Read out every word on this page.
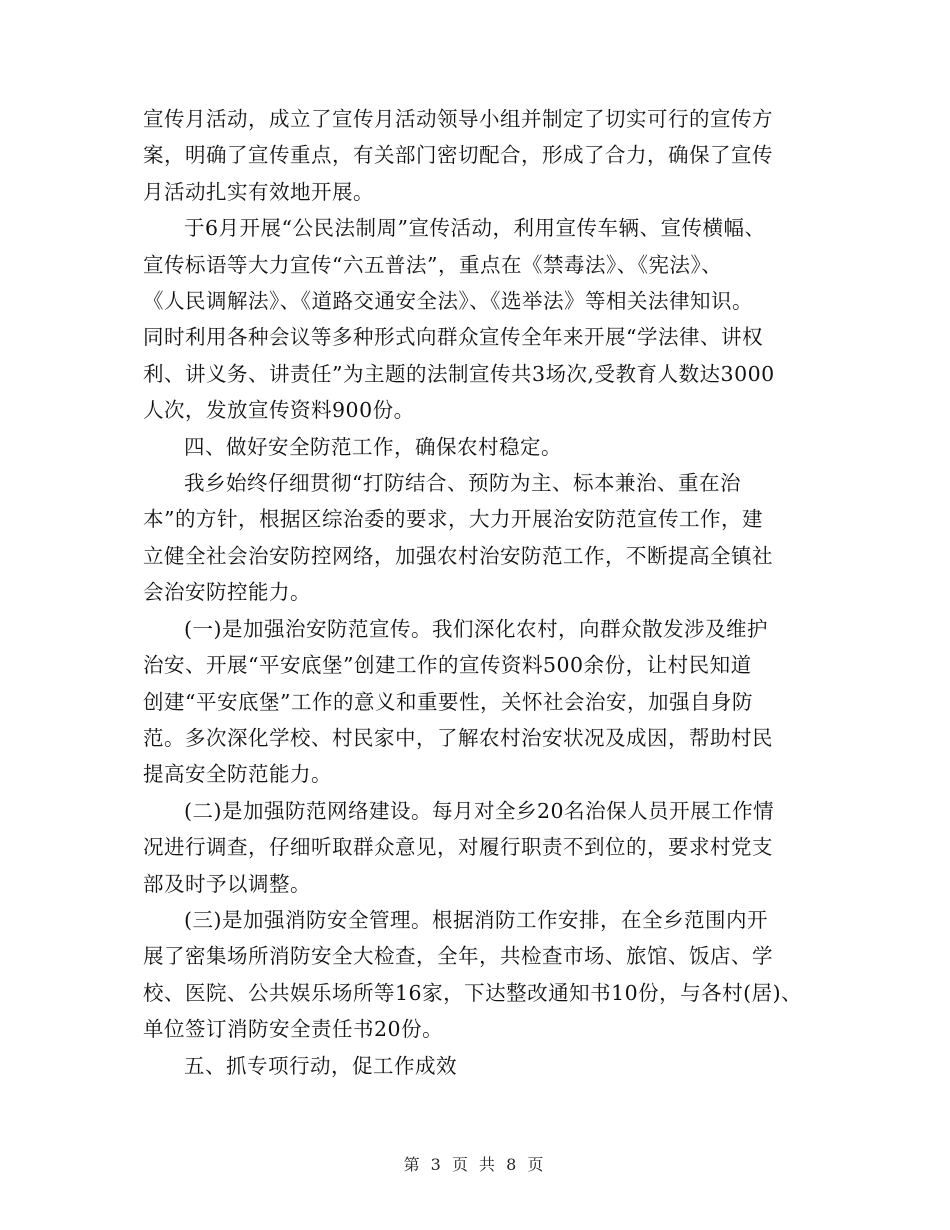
宣传月活动，成立了宣传月活动领导小组并制定了切实可行的宣传方
案，明确了宣传重点，有关部门密切配合，形成了合力，确保了宣传
月活动扎实有效地开展。

于6月开展“公民法制周”宣传活动，利用宣传车辆、宣传横幅、
宣传标语等大力宣传“六五普法”，重点在《禁毒法》、《宪法》、
《人民调解法》、《道路交通安全法》、《选举法》等相关法律知识。
同时利用各种会议等多种形式向群众宣传全年来开展“学法律、讲权
利、讲义务、讲责任”为主题的法制宣传共3场次,受教育人数达3000
人次，发放宣传资料900份。

四、做好安全防范工作，确保农村稳定。

我乡始终仔细贯彻“打防结合、预防为主、标本兼治、重在治
本”的方针，根据区综治委的要求，大力开展治安防范宣传工作，建
立健全社会治安防控网络，加强农村治安防范工作，不断提高全镇社
会治安防控能力。

(一)是加强治安防范宣传。我们深化农村，向群众散发涉及维护
治安、开展“平安底堡”创建工作的宣传资料500余份，让村民知道
创建“平安底堡”工作的意义和重要性，关怀社会治安，加强自身防
范。多次深化学校、村民家中，了解农村治安状况及成因，帮助村民
提高安全防范能力。

(二)是加强防范网络建设。每月对全乡20名治保人员开展工作情
况进行调查，仔细听取群众意见，对履行职责不到位的，要求村党支
部及时予以调整。

(三)是加强消防安全管理。根据消防工作安排，在全乡范围内开
展了密集场所消防安全大检查，全年，共检查市场、旅馆、饭店、学
校、医院、公共娱乐场所等16家，下达整改通知书10份，与各村(居)、
单位签订消防安全责任书20份。

五、抓专项行动，促工作成效

第 3 页 共 8 页
